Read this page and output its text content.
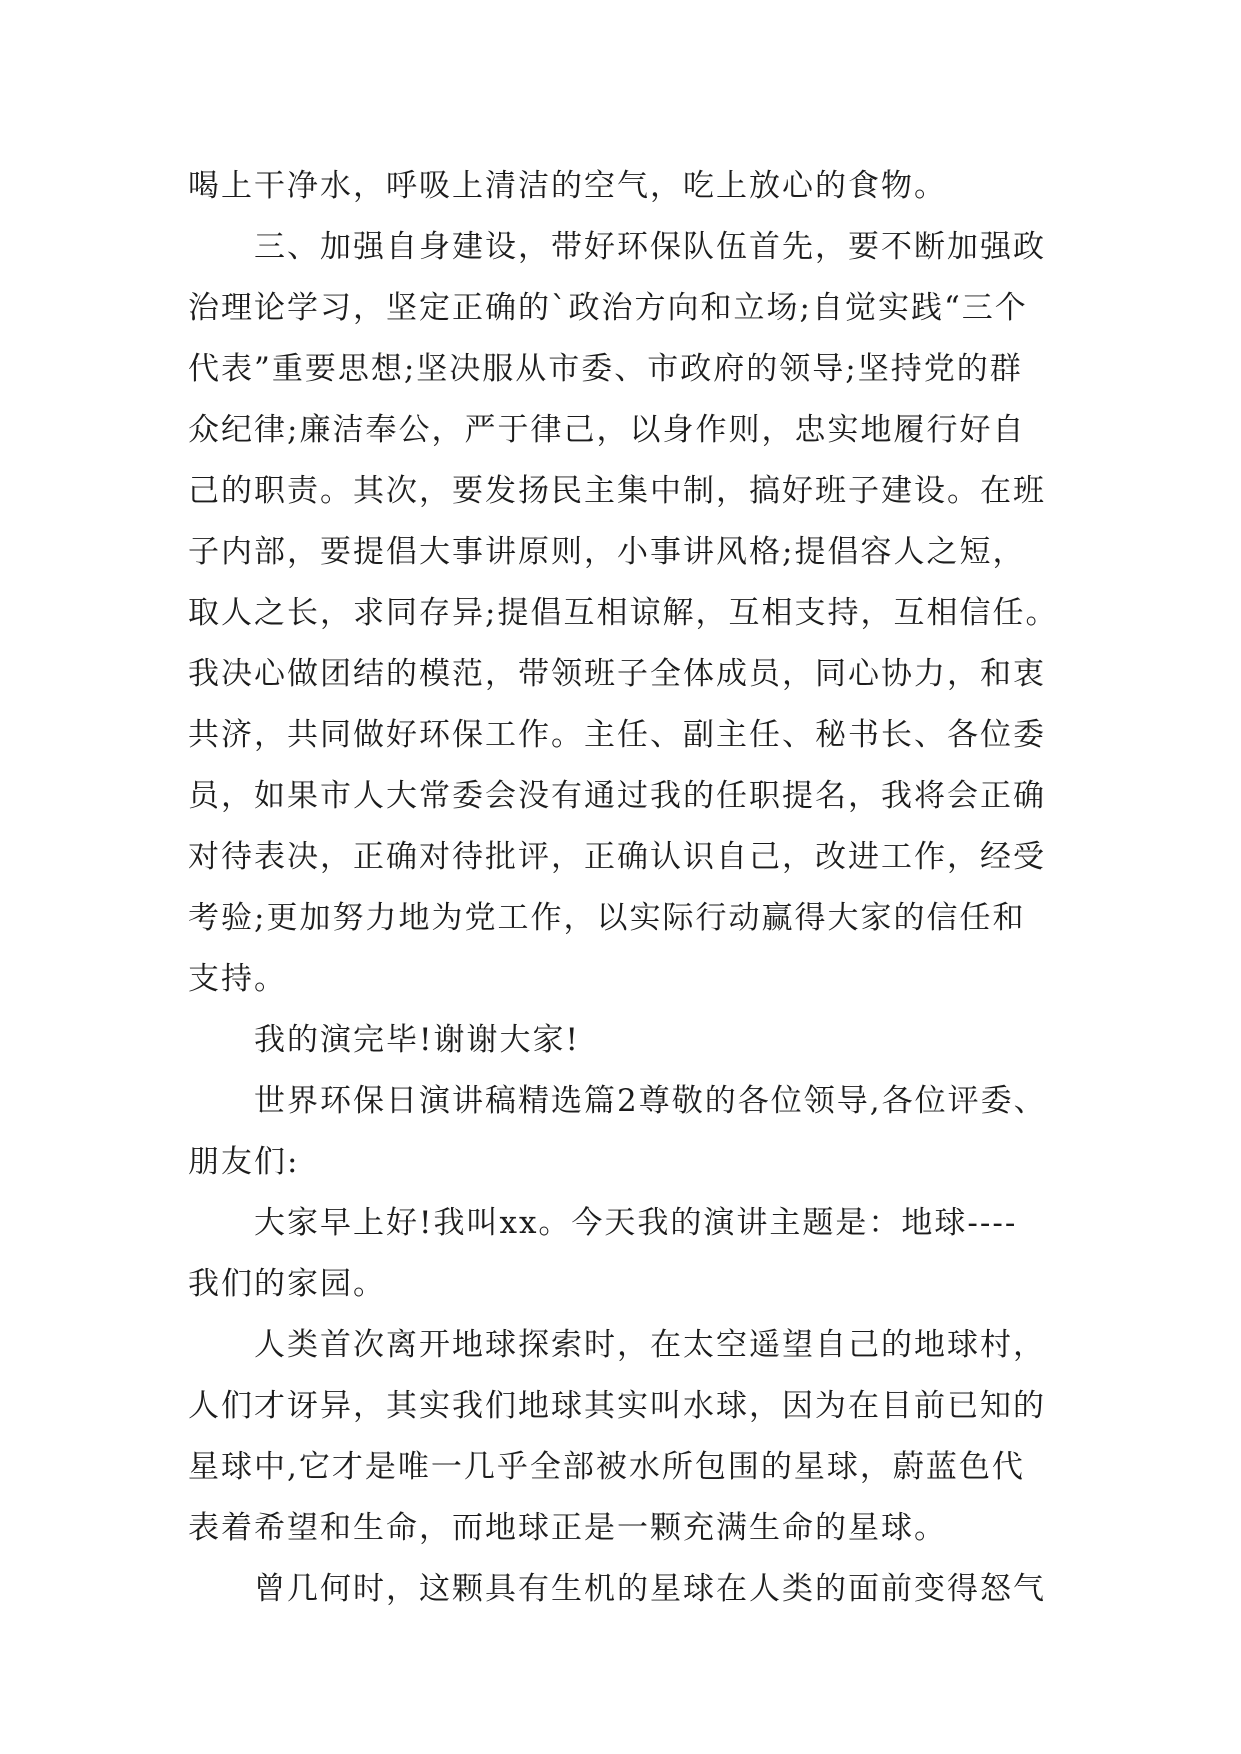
喝上干净水，呼吸上清洁的空气，吃上放心的食物。
三、加强自身建设，带好环保队伍首先，要不断加强政
治理论学习，坚定正确的`政治方向和立场;自觉实践“三个
代表”重要思想;坚决服从市委、市政府的领导;坚持党的群
众纪律;廉洁奉公，严于律己，以身作则，忠实地履行好自
己的职责。其次，要发扬民主集中制，搞好班子建设。在班
子内部，要提倡大事讲原则，小事讲风格;提倡容人之短，
取人之长，求同存异;提倡互相谅解，互相支持，互相信任。
我决心做团结的模范，带领班子全体成员，同心协力，和衷
共济，共同做好环保工作。主任、副主任、秘书长、各位委
员，如果市人大常委会没有通过我的任职提名，我将会正确
对待表决，正确对待批评，正确认识自己，改进工作，经受
考验;更加努力地为党工作，以实际行动赢得大家的信任和
支持。
我的演完毕!谢谢大家!
世界环保日演讲稿精选篇2尊敬的各位领导,各位评委、
朋友们:
大家早上好!我叫xx。今天我的演讲主题是：地球----
我们的家园。
人类首次离开地球探索时，在太空遥望自己的地球村，
人们才讶异，其实我们地球其实叫水球，因为在目前已知的
星球中,它才是唯一几乎全部被水所包围的星球，蔚蓝色代
表着希望和生命，而地球正是一颗充满生命的星球。
曾几何时，这颗具有生机的星球在人类的面前变得怒气
